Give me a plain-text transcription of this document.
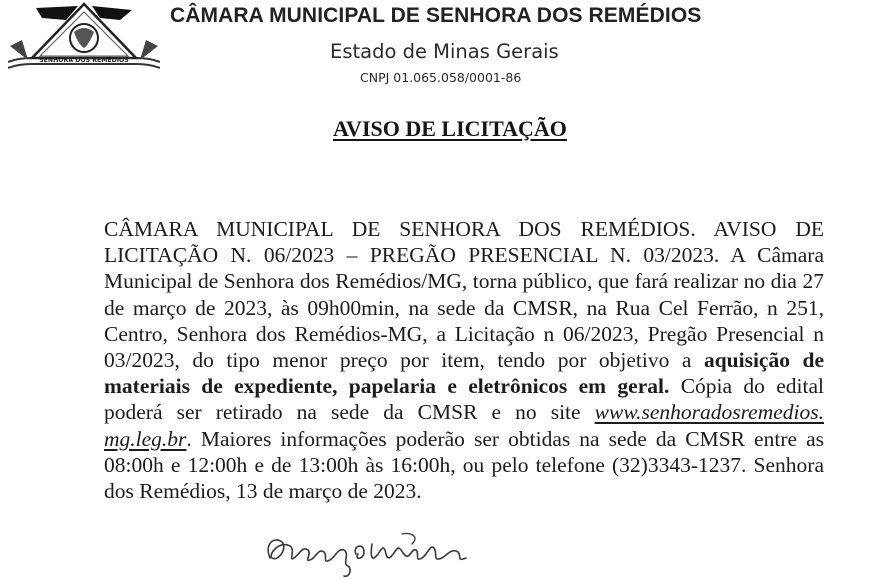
SENHORA DOS REMÉDIOS
CÂMARA MUNICIPAL DE SENHORA DOS REMÉDIOS
Estado de Minas Gerais
CNPJ 01.065.058/0001-86
AVISO DE LICITAÇÃO
CÂMARA MUNICIPAL DE SENHORA DOS REMÉDIOS. AVISO DE LICITAÇÃO N. 06/2023 – PREGÃO PRESENCIAL N. 03/2023. A Câmara Municipal de Senhora dos Remédios/MG, torna público, que fará realizar no dia 27 de março de 2023, às 09h00min, na sede da CMSR, na Rua Cel Ferrão, n 251, Centro, Senhora dos Remédios-MG, a Licitação n 06/2023, Pregão Presencial n 03/2023, do tipo menor preço por item, tendo por objetivo a aquisição de materiais de expediente, papelaria e eletrônicos em geral. Cópia do edital poderá ser retirado na sede da CMSR e no site www.senhoradosremedios. mg.leg.br. Maiores informações poderão ser obtidas na sede da CMSR entre as 08:00h e 12:00h e de 13:00h às 16:00h, ou pelo telefone (32)3343-1237. Senhora dos Remédios, 13 de março de 2023.
